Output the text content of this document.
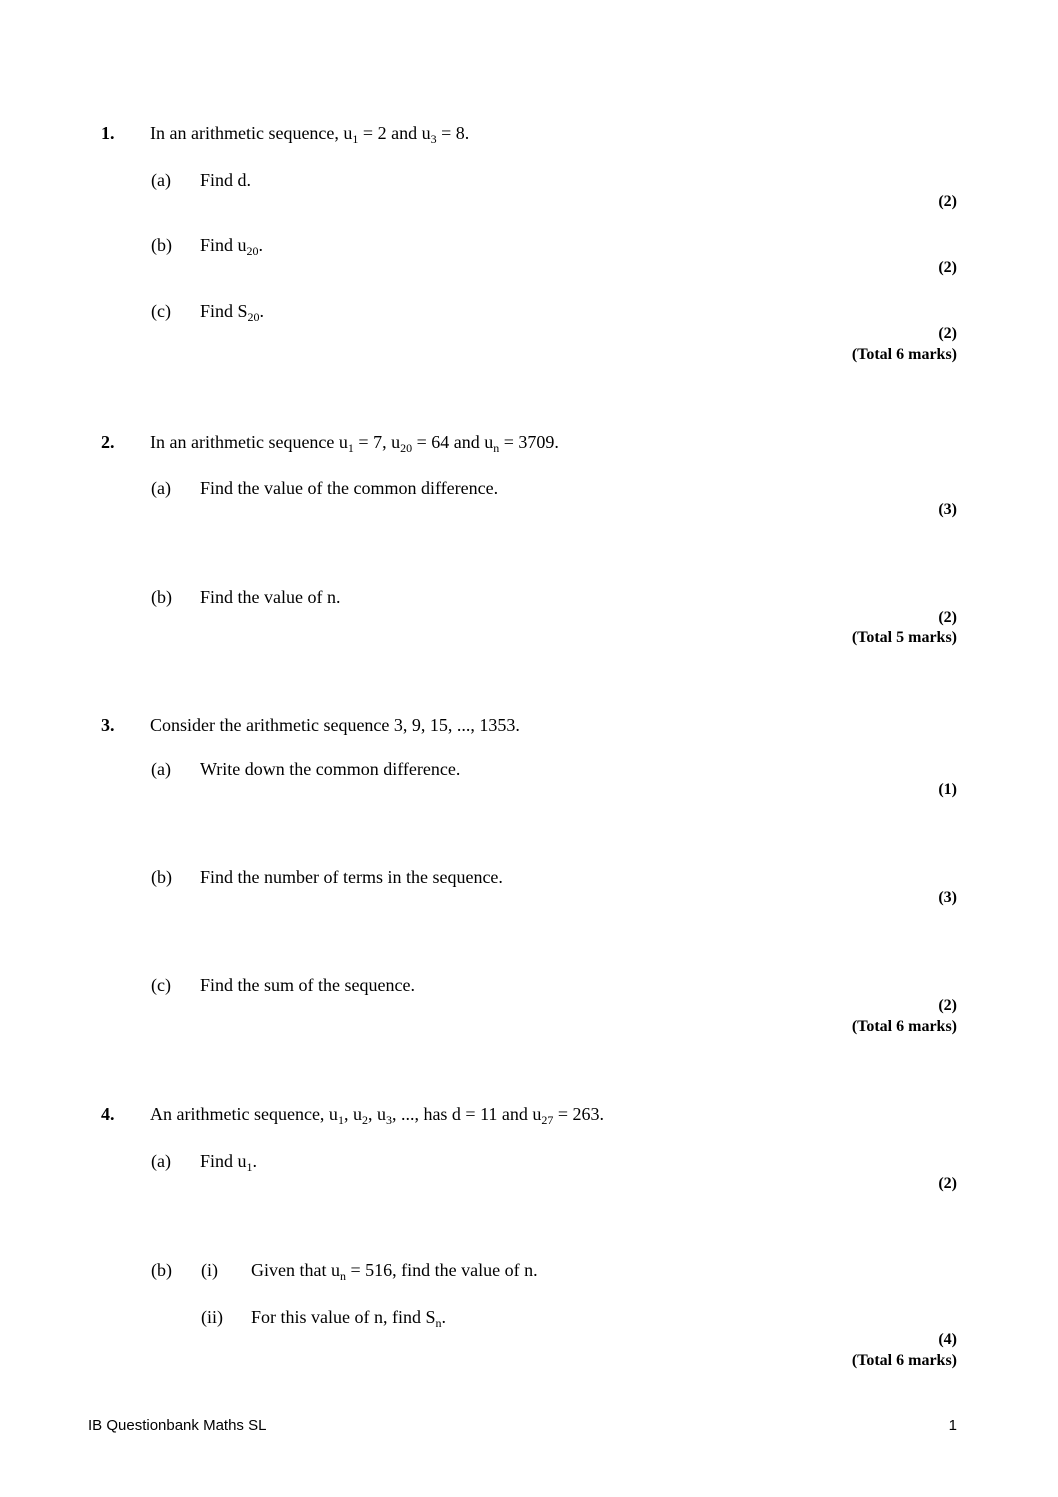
1. In an arithmetic sequence, $u_1 = 2$ and $u_3 = 8$.
(a) Find d.
(2)
(b) Find $u_{20}$.
(2)
(c) Find $S_{20}$.
(2)
(Total 6 marks)
2. In an arithmetic sequence $u_1 = 7$, $u_{20} = 64$ and $u_n = 3709$.
(a) Find the value of the common difference.
(3)
(b) Find the value of n.
(2)
(Total 5 marks)
3. Consider the arithmetic sequence 3, 9, 15, ..., 1353.
(a) Write down the common difference.
(1)
(b) Find the number of terms in the sequence.
(3)
(c) Find the sum of the sequence.
(2)
(Total 6 marks)
4. An arithmetic sequence, $u_1$, $u_2$, $u_3$, ..., has d = 11 and $u_{27} = 263$.
(a) Find $u_1$.
(2)
(b) (i) Given that $u_n = 516$, find the value of n.
(ii) For this value of n, find $S_n$.
(4)
(Total 6 marks)
IB Questionbank Maths SL	1
